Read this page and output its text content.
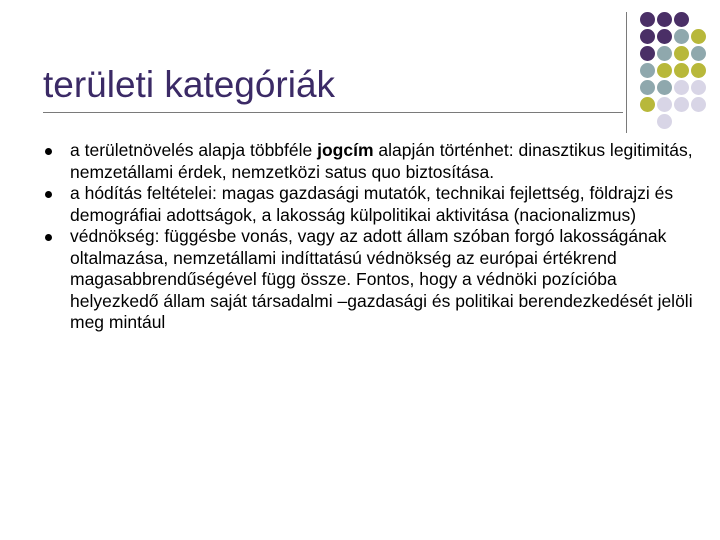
területi kategóriák
a területnövelés alapja többféle jogcím alapján történhet: dinasztikus legitimitás, nemzetállami érdek, nemzetközi satus quo biztosítása.
a hódítás feltételei: magas gazdasági mutatók, technikai fejlettség, földrajzi és demográfiai adottságok, a lakosság külpolitikai aktivitása (nacionalizmus)
védnökség: függésbe vonás, vagy az adott állam szóban forgó lakosságának oltalmazása, nemzetállami indíttatású védnökség az európai értékrend magasabbrendűségével függ össze. Fontos, hogy a védnöki pozícióba helyezkedő állam saját társadalmi –gazdasági és politikai berendezkedését jelöli meg mintául
